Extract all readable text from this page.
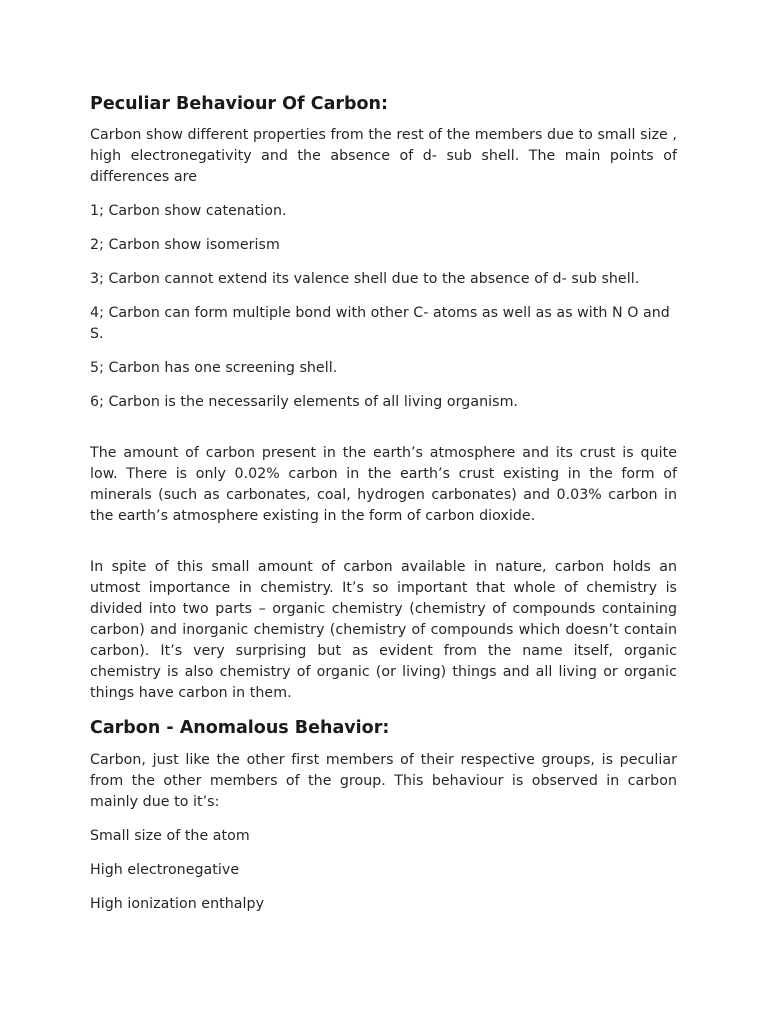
Peculiar Behaviour Of Carbon:

Carbon show different properties from the rest of the members due to small size , high electronegativity and the absence of d- sub shell. The main points of differences are

1; Carbon show catenation.

2; Carbon show isomerism

3; Carbon cannot extend its valence shell due to the absence of d- sub shell.

4; Carbon can form multiple bond with other C- atoms as well as as with N O and S.

5; Carbon has one screening shell.

6; Carbon is the necessarily elements of all living organism.

The amount of carbon present in the earth’s atmosphere and its crust is quite low. There is only 0.02% carbon in the earth’s crust existing in the form of minerals (such as carbonates, coal, hydrogen carbonates) and 0.03% carbon in the earth’s atmosphere existing in the form of carbon dioxide.

In spite of this small amount of carbon available in nature, carbon holds an utmost importance in chemistry. It’s so important that whole of chemistry is divided into two parts – organic chemistry (chemistry of compounds containing carbon) and inorganic chemistry (chemistry of compounds which doesn’t contain carbon). It’s very surprising but as evident from the name itself, organic chemistry is also chemistry of organic (or living) things and all living or organic things have carbon in them.

Carbon - Anomalous Behavior:

Carbon, just like the other first members of their respective groups, is peculiar from the other members of the group. This behaviour is observed in carbon mainly due to it’s:

Small size of the atom

High electronegative

High ionization enthalpy
